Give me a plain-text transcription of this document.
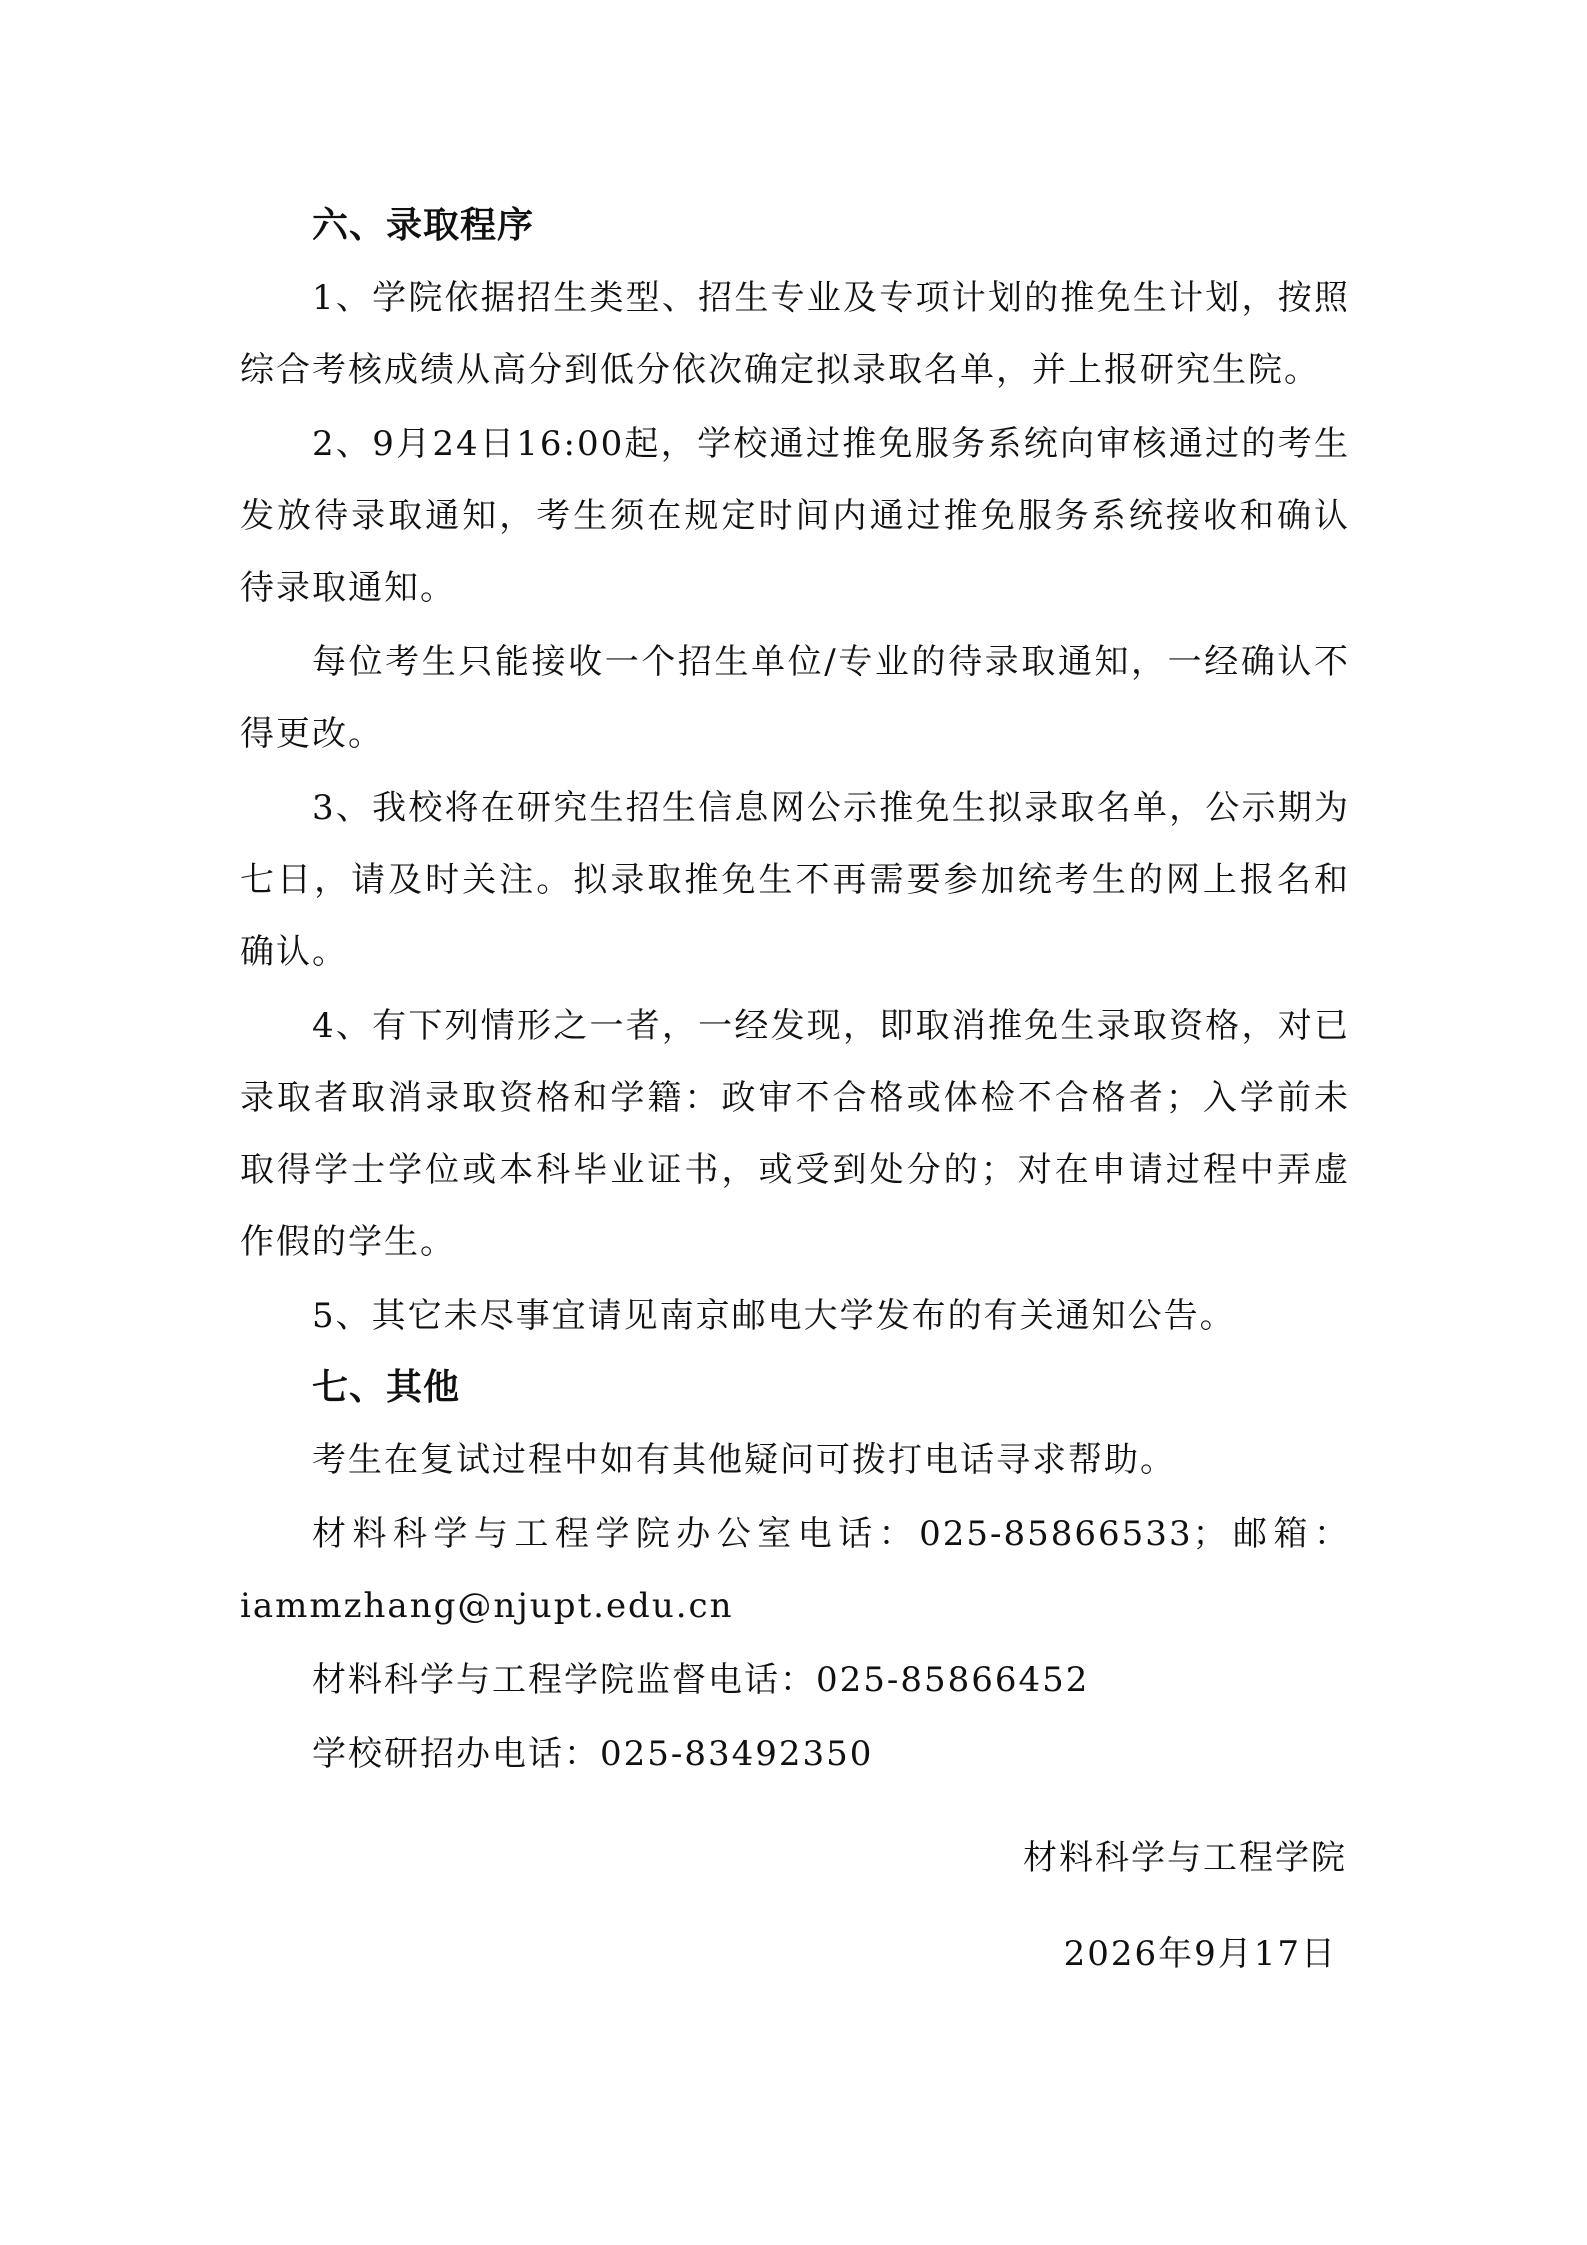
六、录取程序

1、学院依据招生类型、招生专业及专项计划的推免生计划，按照综合考核成绩从高分到低分依次确定拟录取名单，并上报研究生院。

2、9月24日16:00起，学校通过推免服务系统向审核通过的考生发放待录取通知，考生须在规定时间内通过推免服务系统接收和确认待录取通知。

每位考生只能接收一个招生单位/专业的待录取通知，一经确认不得更改。

3、我校将在研究生招生信息网公示推免生拟录取名单，公示期为七日，请及时关注。拟录取推免生不再需要参加统考生的网上报名和确认。

4、有下列情形之一者，一经发现，即取消推免生录取资格，对已录取者取消录取资格和学籍：政审不合格或体检不合格者；入学前未取得学士学位或本科毕业证书，或受到处分的；对在申请过程中弄虚作假的学生。

5、其它未尽事宜请见南京邮电大学发布的有关通知公告。

七、其他

考生在复试过程中如有其他疑问可拨打电话寻求帮助。

材料科学与工程学院办公室电话：025-85866533；邮箱：iammzhang@njupt.edu.cn

材料科学与工程学院监督电话：025-85866452

学校研招办电话：025-83492350

材料科学与工程学院
2026年9月17日
